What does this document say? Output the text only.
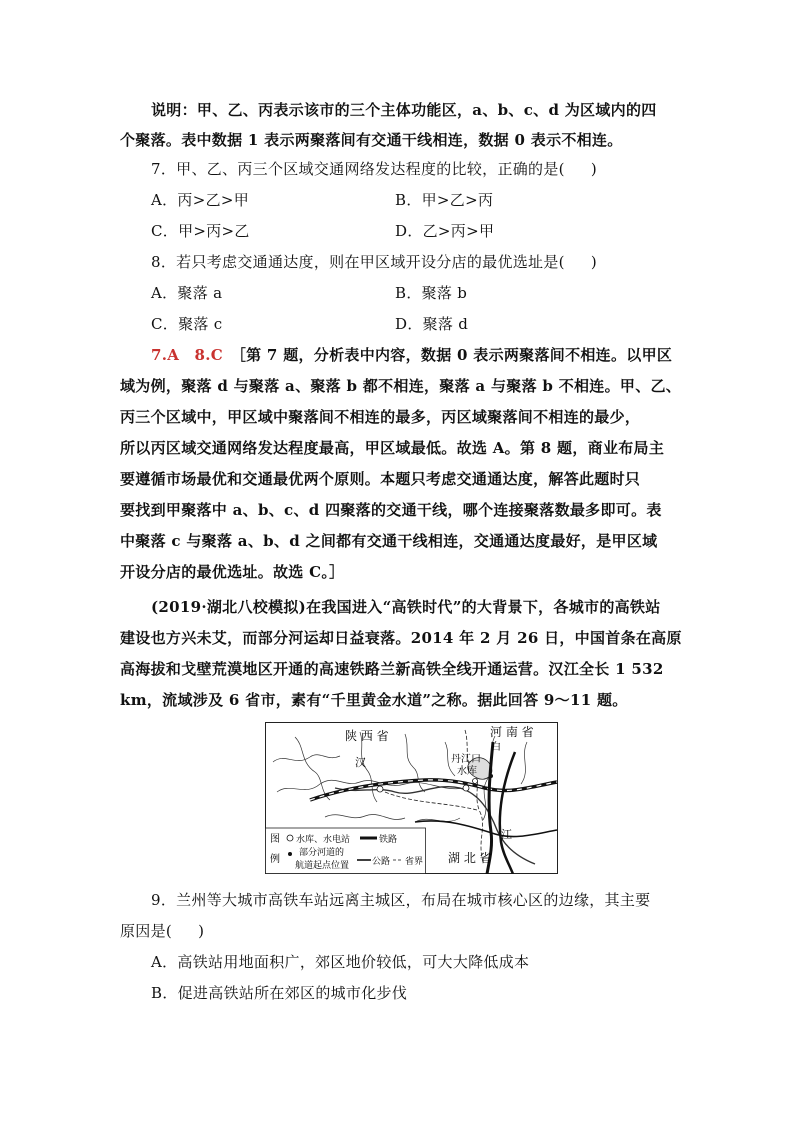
说明：甲、乙、丙表示该市的三个主体功能区，a、b、c、d 为区域内的四
个聚落。表中数据 1 表示两聚落间有交通干线相连，数据 0 表示不相连。
7．甲、乙、丙三个区域交通网络发达程度的比较，正确的是( )
A．丙>乙>甲	B．甲>乙>丙
C．甲>丙>乙	D．乙>丙>甲
8．若只考虑交通通达度，则在甲区域开设分店的最优选址是( )
A．聚落 a	B．聚落 b
C．聚落 c	D．聚落 d
7.A　8.C　 ［第 7 题，分析表中内容，数据 0 表示两聚落间不相连。以甲区
域为例，聚落 d 与聚落 a、聚落 b 都不相连，聚落 a 与聚落 b 不相连。甲、乙、
丙三个区域中，甲区域中聚落间不相连的最多，丙区域聚落间不相连的最少，
所以丙区域交通网络发达程度最高，甲区域最低。故选 A。第 8 题，商业布局主
要遵循市场最优和交通最优两个原则。本题只考虑交通通达度，解答此题时只
要找到甲聚落中 a、b、c、d 四聚落的交通干线，哪个连接聚落数最多即可。表
中聚落 c 与聚落 a、b、d 之间都有交通干线相连，交通通达度最好，是甲区域
开设分店的最优选址。故选 C。］
(2019·湖北八校模拟)在我国进入“高铁时代”的大背景下，各城市的高铁站
建设也方兴未艾，而部分河运却日益衰落。2014 年 2 月 26 日，中国首条在高原
高海拔和戈壁荒漠地区开通的高速铁路兰新高铁全线开通运营。汉江全长 1 532
km，流域涉及 6 省市，素有“千里黄金水道”之称。据此回答 9～11 题。
陕 西 省	河 南 省
湖 北 省
汉
江
白
丹江口
水库
图
例
水库、水电站	铁路
部分河道的
航道起点位置	公路 省界
9．兰州等大城市高铁车站远离主城区，布局在城市核心区的边缘，其主要
原因是( )
A．高铁站用地面积广，郊区地价较低，可大大降低成本
B．促进高铁站所在郊区的城市化步伐
